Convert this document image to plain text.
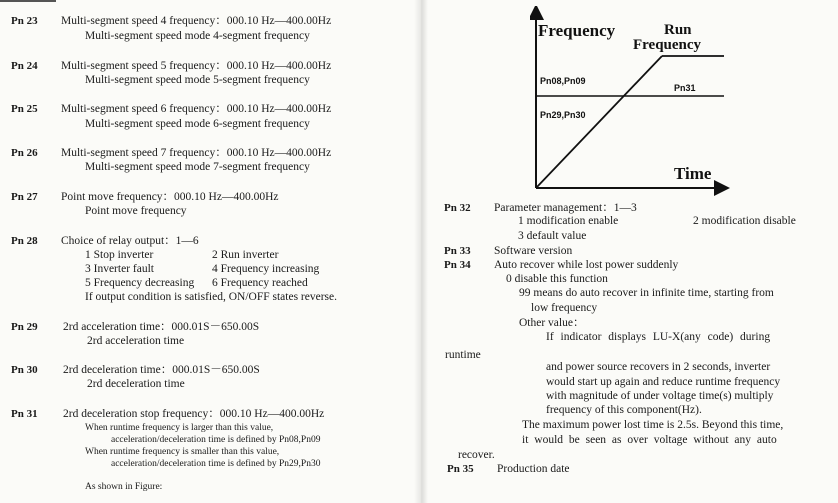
Pn 23 Multi-segment speed 4 frequency：000.10 Hz—400.00Hz
Multi-segment speed mode 4-segment frequency
Pn 24 Multi-segment speed 5 frequency：000.10 Hz—400.00Hz
Multi-segment speed mode 5-segment frequency
Pn 25 Multi-segment speed 6 frequency：000.10 Hz—400.00Hz
Multi-segment speed mode 6-segment frequency
Pn 26 Multi-segment speed 7 frequency：000.10 Hz—400.00Hz
Multi-segment speed mode 7-segment frequency
Pn 27 Point move frequency：000.10 Hz—400.00Hz
Point move frequency
Pn 28 Choice of relay output：1—6
1 Stop inverter	2 Run inverter
3 Inverter fault	4 Frequency increasing
5 Frequency decreasing 6 Frequency reached
If output condition is satisfied, ON/OFF states reverse.
Pn 29 2rd acceleration time：000.01S－650.00S
2rd acceleration time
Pn 30 2rd deceleration time：000.01S－650.00S
2rd deceleration time
Pn 31 2rd deceleration stop frequency：000.10 Hz—400.00Hz
When runtime frequency is larger than this value,
acceleration/deceleration time is defined by Pn08,Pn09
When runtime frequency is smaller than this value,
acceleration/deceleration time is defined by Pn29,Pn30
As shown in Figure:
Frequency	Run
Frequency
Pn08,Pn09
Pn29,Pn30
Pn31
Time
Pn 32 Parameter management：1—3
1 modification enable	2 modification disable
3 default value
Pn 33 Software version
Pn 34 Auto recover while lost power suddenly
0 disable this function
99 means do auto recover in infinite time, starting from
low frequency
Other value：
If indicator displays LU-X(any code) during
runtime
and power source recovers in 2 seconds, inverter
would start up again and reduce runtime frequency
with magnitude of under voltage time(s) multiply
frequency of this component(Hz).
The maximum power lost time is 2.5s. Beyond this time,
it would be seen as over voltage without any auto
recover.
Pn 35 Production date
